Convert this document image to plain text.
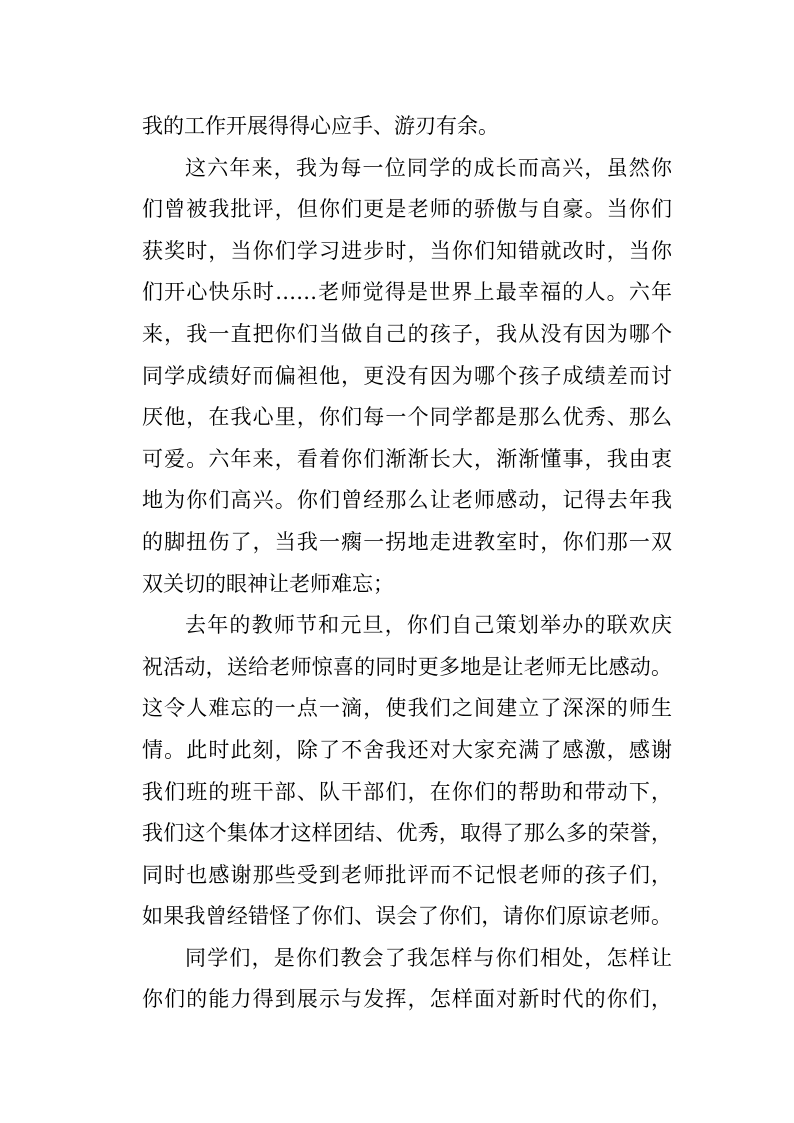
我的工作开展得得心应手、游刃有余。
这六年来，我为每一位同学的成长而高兴，虽然你
们曾被我批评，但你们更是老师的骄傲与自豪。当你们
获奖时，当你们学习进步时，当你们知错就改时，当你
们开心快乐时……老师觉得是世界上最幸福的人。六年
来，我一直把你们当做自己的孩子，我从没有因为哪个
同学成绩好而偏袒他，更没有因为哪个孩子成绩差而讨
厌他，在我心里，你们每一个同学都是那么优秀、那么
可爱。六年来，看着你们渐渐长大，渐渐懂事，我由衷
地为你们高兴。你们曾经那么让老师感动，记得去年我
的脚扭伤了，当我一瘸一拐地走进教室时，你们那一双
双关切的眼神让老师难忘；
去年的教师节和元旦，你们自己策划举办的联欢庆
祝活动，送给老师惊喜的同时更多地是让老师无比感动。
这令人难忘的一点一滴，使我们之间建立了深深的师生
情。此时此刻，除了不舍我还对大家充满了感激，感谢
我们班的班干部、队干部们，在你们的帮助和带动下，
我们这个集体才这样团结、优秀，取得了那么多的荣誉，
同时也感谢那些受到老师批评而不记恨老师的孩子们，
如果我曾经错怪了你们、误会了你们，请你们原谅老师。
同学们，是你们教会了我怎样与你们相处，怎样让
你们的能力得到展示与发挥，怎样面对新时代的你们，
